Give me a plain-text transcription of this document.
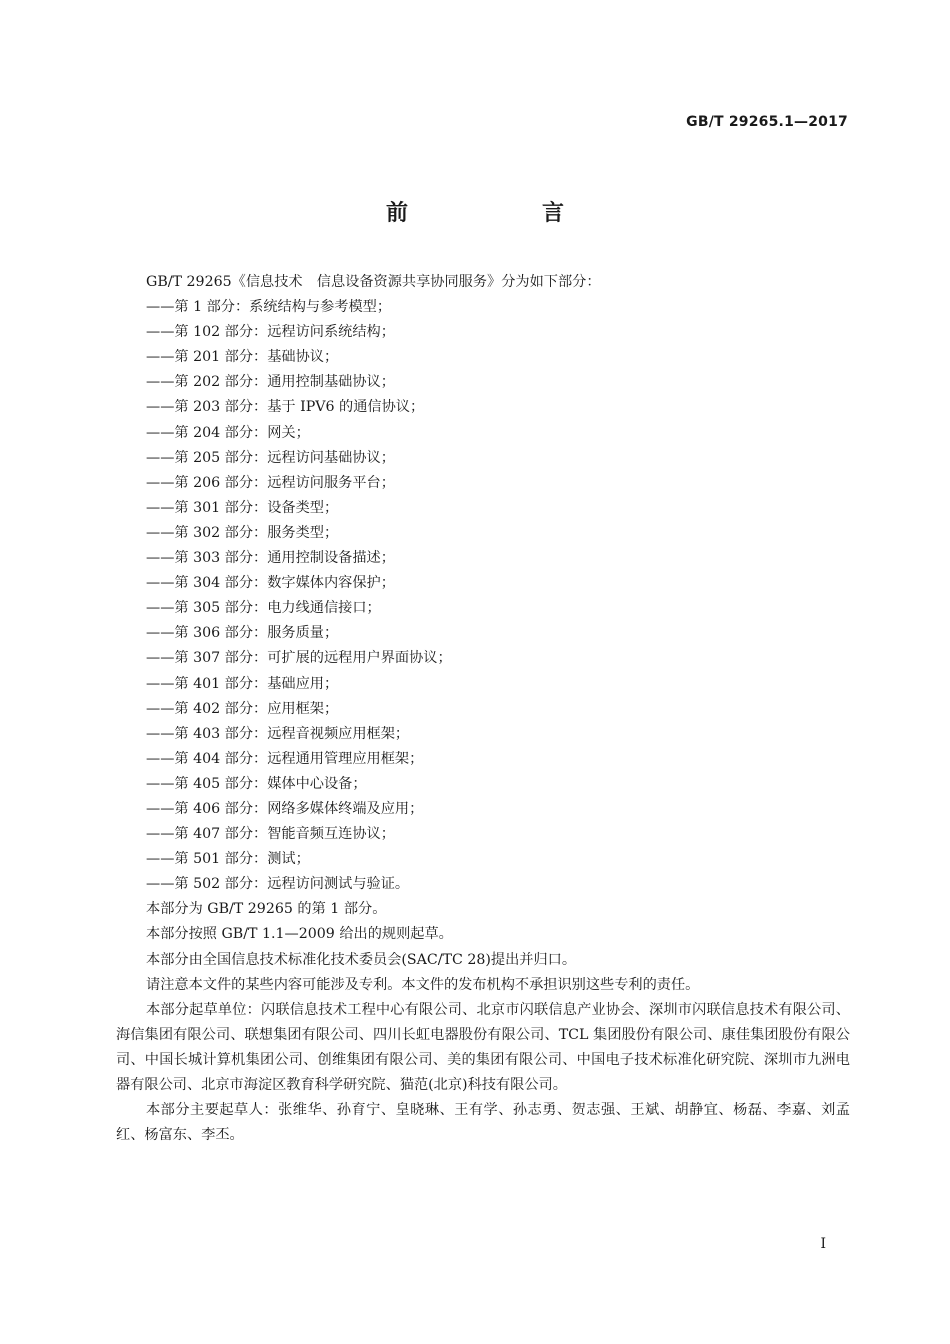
GB/T 29265.1—2017
前　言
GB/T 29265《信息技术　信息设备资源共享协同服务》分为如下部分：
——第 1 部分：系统结构与参考模型；
——第 102 部分：远程访问系统结构；
——第 201 部分：基础协议；
——第 202 部分：通用控制基础协议；
——第 203 部分：基于 IPV6 的通信协议；
——第 204 部分：网关；
——第 205 部分：远程访问基础协议；
——第 206 部分：远程访问服务平台；
——第 301 部分：设备类型；
——第 302 部分：服务类型；
——第 303 部分：通用控制设备描述；
——第 304 部分：数字媒体内容保护；
——第 305 部分：电力线通信接口；
——第 306 部分：服务质量；
——第 307 部分：可扩展的远程用户界面协议；
——第 401 部分：基础应用；
——第 402 部分：应用框架；
——第 403 部分：远程音视频应用框架；
——第 404 部分：远程通用管理应用框架；
——第 405 部分：媒体中心设备；
——第 406 部分：网络多媒体终端及应用；
——第 407 部分：智能音频互连协议；
——第 501 部分：测试；
——第 502 部分：远程访问测试与验证。
本部分为 GB/T 29265 的第 1 部分。
本部分按照 GB/T 1.1—2009 给出的规则起草。
本部分由全国信息技术标准化技术委员会(SAC/TC 28)提出并归口。
请注意本文件的某些内容可能涉及专利。本文件的发布机构不承担识别这些专利的责任。

本部分起草单位：闪联信息技术工程中心有限公司、北京市闪联信息产业协会、深圳市闪联信息技术有限公司、海信集团有限公司、联想集团有限公司、四川长虹电器股份有限公司、TCL 集团股份有限公司、康佳集团股份有限公司、中国长城计算机集团公司、创维集团有限公司、美的集团有限公司、中国电子技术标准化研究院、深圳市九洲电器有限公司、北京市海淀区教育科学研究院、猫范(北京)科技有限公司。

本部分主要起草人：张维华、孙育宁、皇晓琳、王有学、孙志勇、贺志强、王斌、胡静宜、杨磊、李嘉、刘孟红、杨富东、李丕。

I
